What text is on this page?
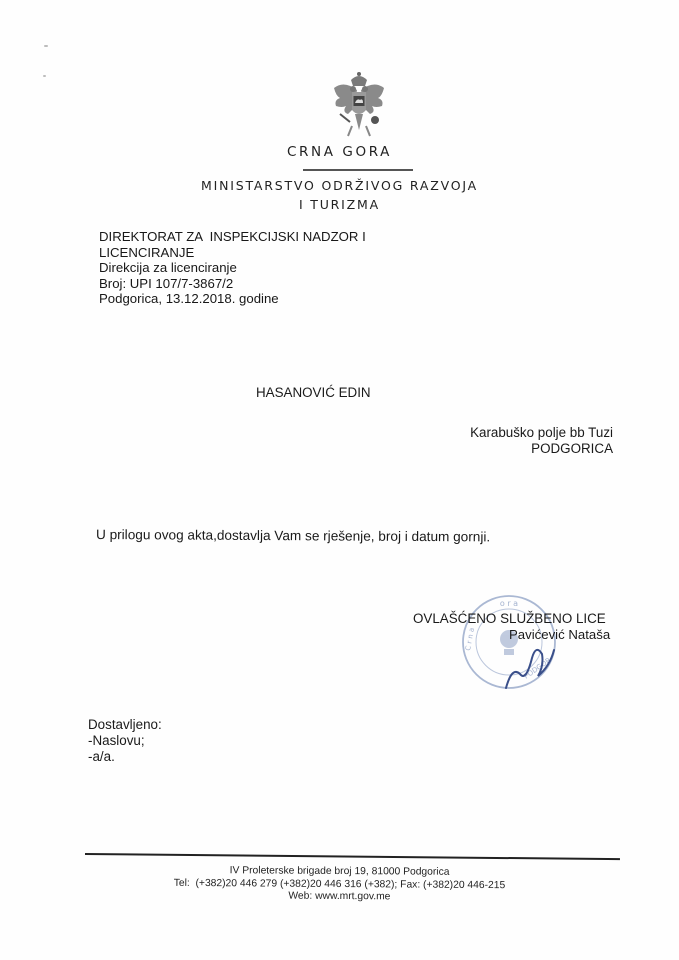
CRNA GORA
MINISTARSTVO ODRŽIVOG RAZVOJA
I TURIZMA
DIREKTORAT ZA  INSPEKCIJSKI NADZOR I
LICENCIRANJE
Direkcija za licenciranje
Broj: UPI 107/7-3867/2
Podgorica, 13.12.2018. godine
HASANOVIĆ EDIN
Karabuško polje bb Tuzi
PODGORICA
U prilogu ovog akta,dostavlja Vam se rješenje, broj i datum gornji.
o r a
PODGOR
C r n a
OVLAŠĆENO SLUŽBENO LICE
Pavićević Nataša
Dostavljeno:
-Naslovu;
-a/a.
IV Proleterske brigade broj 19, 81000 Podgorica
Tel:  (+382)20 446 279 (+382)20 446 316 (+382); Fax: (+382)20 446-215
Web: www.mrt.gov.me
